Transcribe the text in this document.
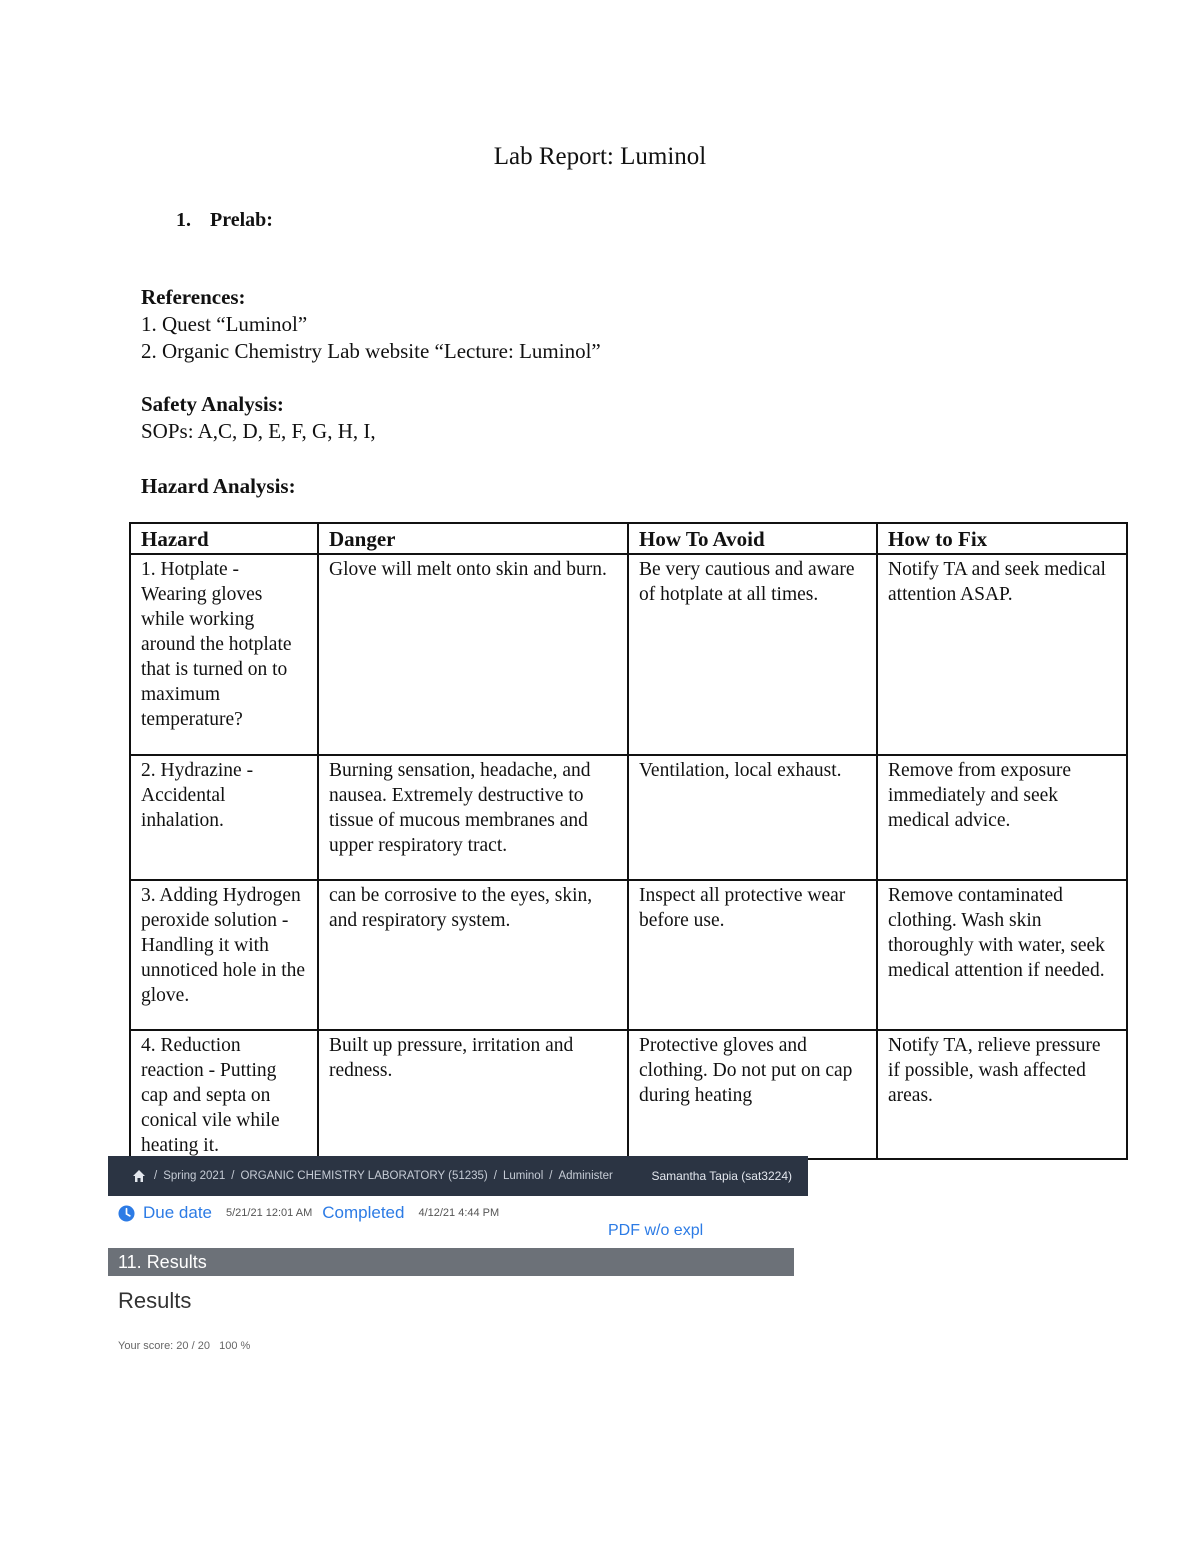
Lab Report: Luminol
1. Prelab:
References:
1. Quest “Luminol”
2. Organic Chemistry Lab website “Lecture: Luminol”
Safety Analysis:
SOPs: A,C, D, E, F, G, H, I,
Hazard Analysis:
Hazard	Danger	How To Avoid	How to Fix
1. Hotplate - Wearing gloves while working around the hotplate that is turned on to maximum temperature?	Glove will melt onto skin and burn.	Be very cautious and aware of hotplate at all times.	Notify TA and seek medical attention ASAP.
2. Hydrazine - Accidental inhalation.	Burning sensation, headache, and nausea. Extremely destructive to tissue of mucous membranes and upper respiratory tract.	Ventilation, local exhaust.	Remove from exposure immediately and seek medical advice.
3. Adding Hydrogen peroxide solution - Handling it with unnoticed hole in the glove.	can be corrosive to the eyes, skin, and respiratory system.	Inspect all protective wear before use.	Remove contaminated clothing. Wash skin thoroughly with water, seek medical attention if needed.
4. Reduction reaction - Putting cap and septa on conical vile while heating it.	Built up pressure, irritation and redness.	Protective gloves and clothing. Do not put on cap during heating	Notify TA, relieve pressure if possible, wash affected areas.
/ Spring 2021 / ORGANIC CHEMISTRY LABORATORY (51235) / Luminol / Administer	Samantha Tapia (sat3224)
Due date 5/21/21 12:01 AM Completed 4/12/21 4:44 PM
PDF w/o expl
11. Results
Results
Your score: 20 / 20   100 %
